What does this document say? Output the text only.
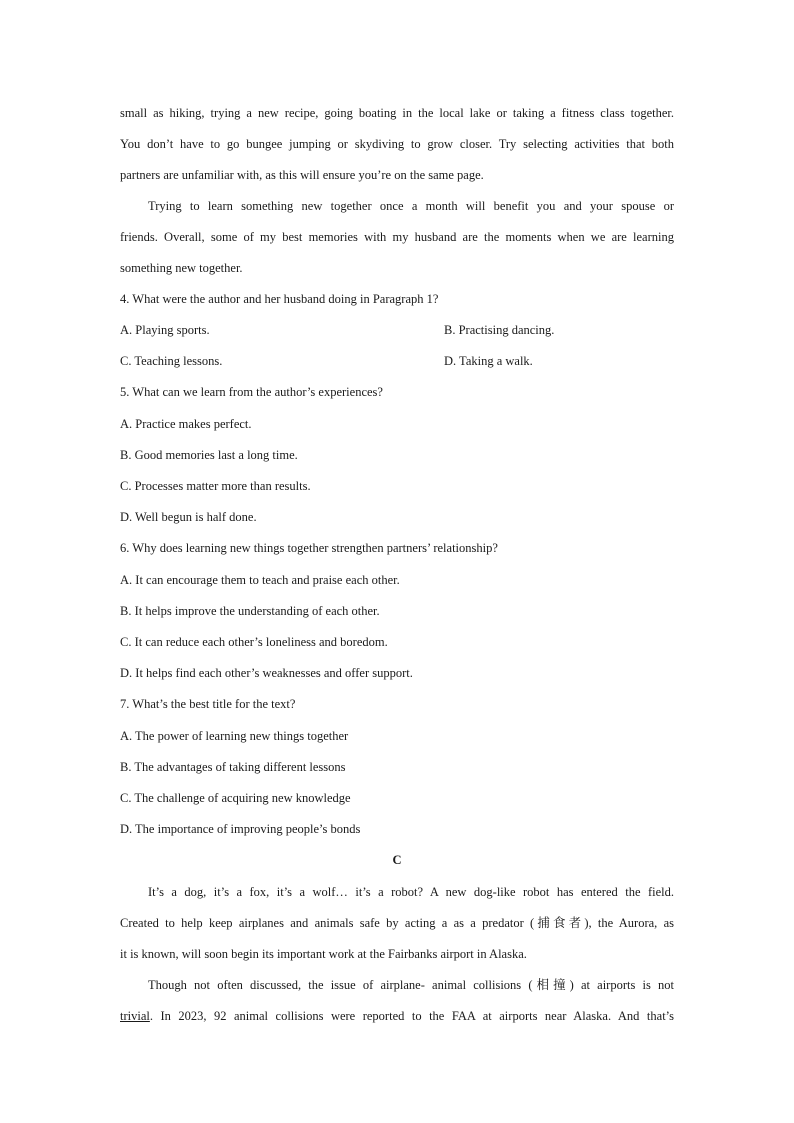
small as hiking, trying a new recipe, going boating in the local lake or taking a fitness class together.
You don’t have to go bungee jumping or skydiving to grow closer. Try selecting activities that both
partners are unfamiliar with, as this will ensure you’re on the same page.
Trying to learn something new together once a month will benefit you and your spouse or
friends. Overall, some of my best memories with my husband are the moments when we are learning
something new together.
4. What were the author and her husband doing in Paragraph 1?
A. Playing sports.	B. Practising dancing.
C. Teaching lessons.	D. Taking a walk.
5. What can we learn from the author’s experiences?
A. Practice makes perfect.
B. Good memories last a long time.
C. Processes matter more than results.
D. Well begun is half done.
6. Why does learning new things together strengthen partners’ relationship?
A. It can encourage them to teach and praise each other.
B. It helps improve the understanding of each other.
C. It can reduce each other’s loneliness and boredom.
D. It helps find each other’s weaknesses and offer support.
7. What’s the best title for the text?
A. The power of learning new things together
B. The advantages of taking different lessons
C. The challenge of acquiring new knowledge
D. The importance of improving people’s bonds
C
It’s a dog, it’s a fox, it’s a wolf… it’s a robot? A new dog-like robot has entered the field.
Created to help keep airplanes and animals safe by acting a as a predator (捕食者), the Aurora, as
it is known, will soon begin its important work at the Fairbanks airport in Alaska.
Though not often discussed, the issue of airplane- animal collisions (相撞) at airports is not
trivial. In 2023, 92 animal collisions were reported to the FAA at airports near Alaska. And that’s
